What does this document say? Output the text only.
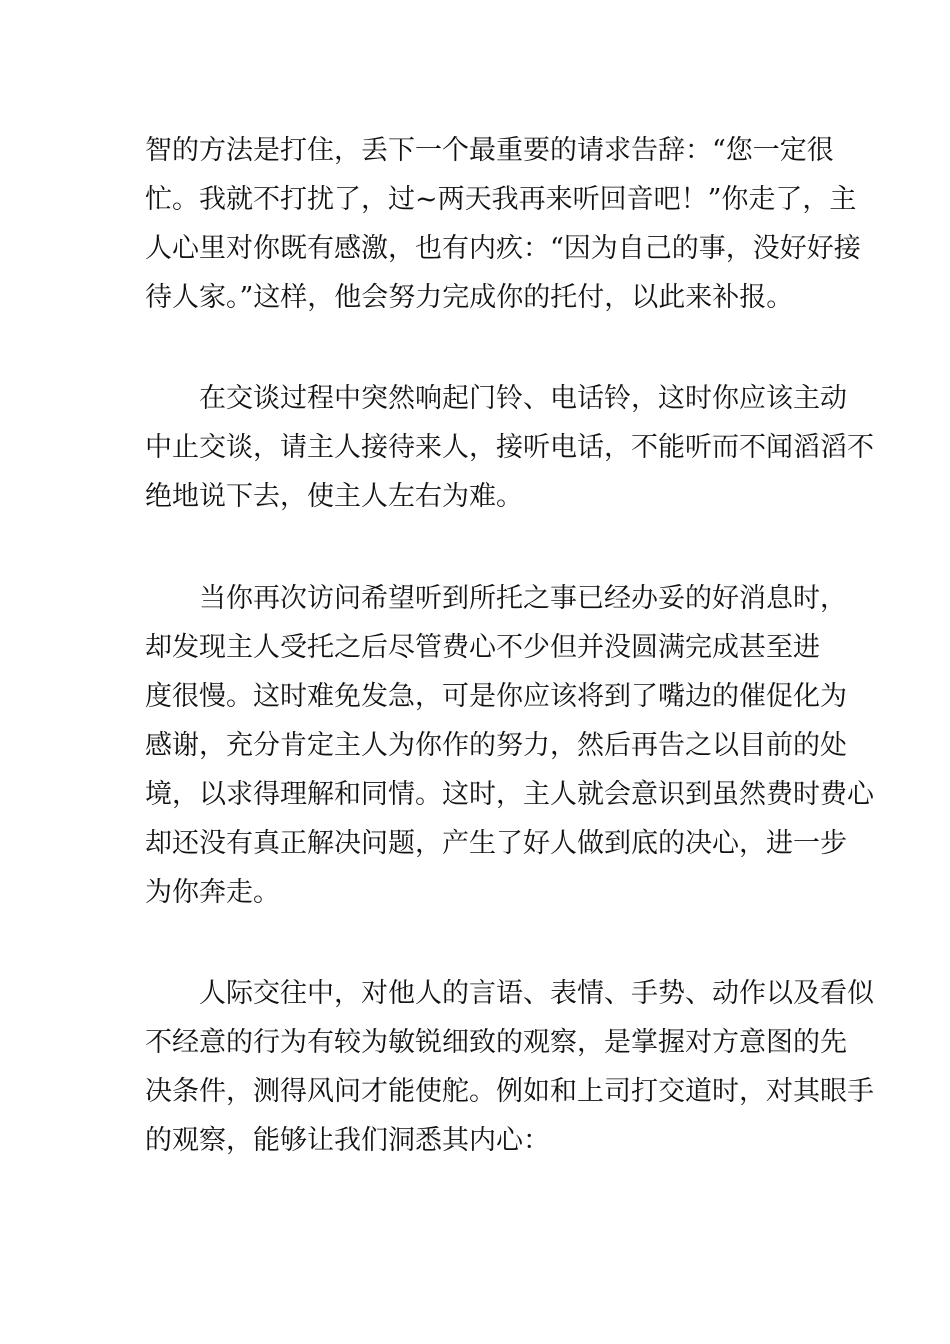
智的方法是打住，丢下一个最重要的请求告辞：“您一定很
忙。我就不打扰了，过~两天我再来听回音吧！”你走了，主
人心里对你既有感激，也有内疚：“因为自己的事，没好好接
待人家。”这样，他会努力完成你的托付，以此来补报。
在交谈过程中突然响起门铃、电话铃，这时你应该主动
中止交谈，请主人接待来人，接听电话，不能听而不闻滔滔不
绝地说下去，使主人左右为难。
当你再次访问希望听到所托之事已经办妥的好消息时，
却发现主人受托之后尽管费心不少但并没圆满完成甚至进
度很慢。这时难免发急，可是你应该将到了嘴边的催促化为
感谢，充分肯定主人为你作的努力，然后再告之以目前的处
境，以求得理解和同情。这时，主人就会意识到虽然费时费心
却还没有真正解决问题，产生了好人做到底的决心，进一步
为你奔走。
人际交往中，对他人的言语、表情、手势、动作以及看似
不经意的行为有较为敏锐细致的观察，是掌握对方意图的先
决条件，测得风问才能使舵。例如和上司打交道时，对其眼手
的观察，能够让我们洞悉其内心：
